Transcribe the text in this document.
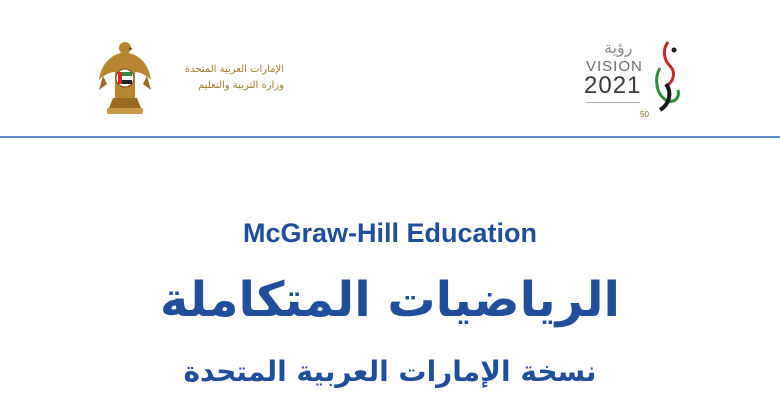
الإمارات العربية المتحدة
وزارة التربية والتعليم
رؤية
VISION
2021
50
McGraw-Hill Education
الرياضيات المتكاملة
نسخة الإمارات العربية المتحدة
